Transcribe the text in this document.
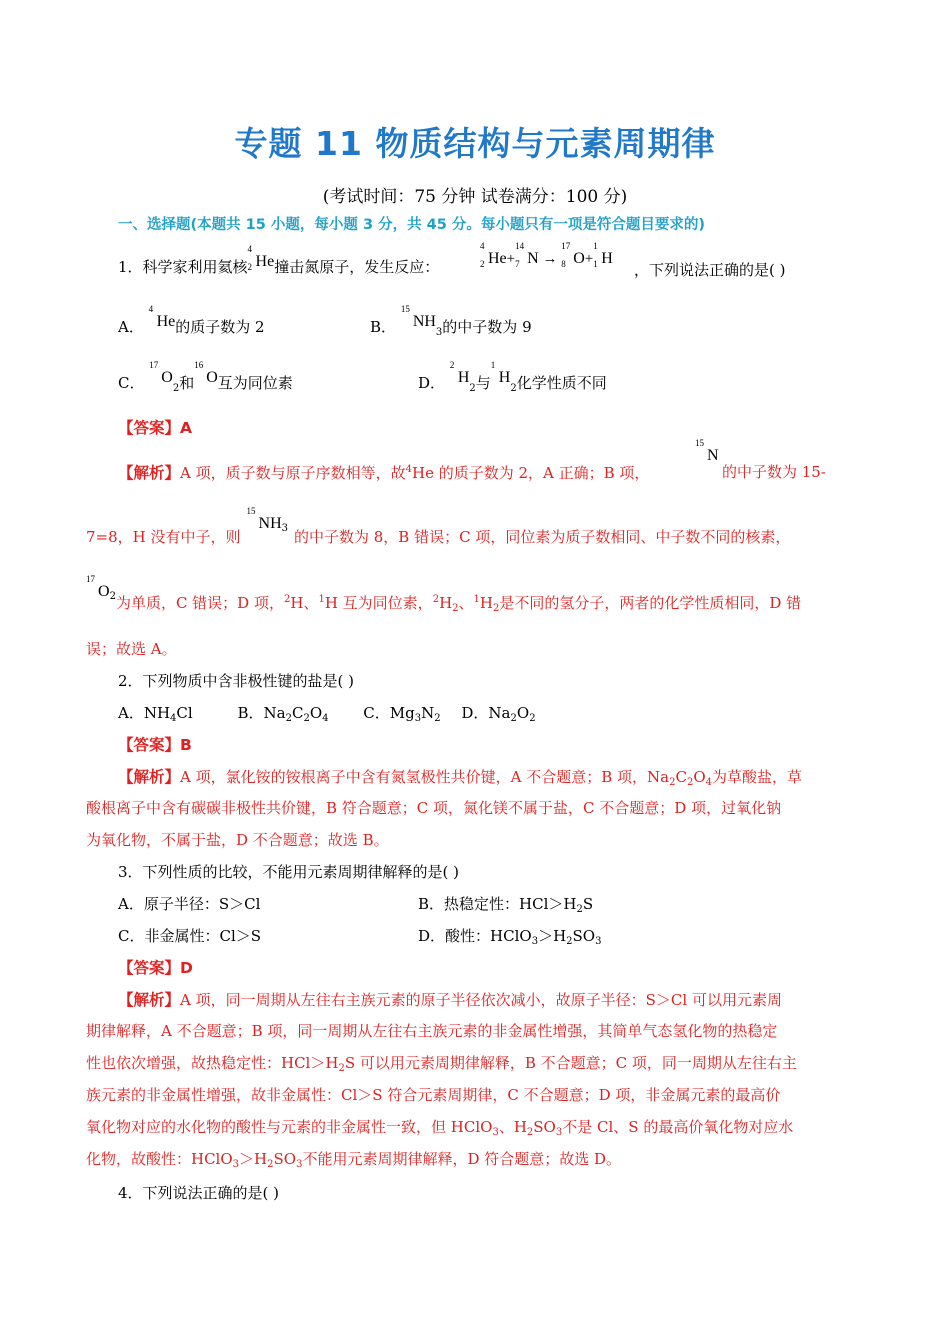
专题 11 物质结构与元素周期律
(考试时间：75 分钟 试卷满分：100 分)
一、选择题(本题共 15 小题，每小题 3 分，共 45 分。每小题只有一项是符合题目要求的)
1．科学家利用氦核
4
2 He撞击氮原子，发生反应：
4
2 He+
14
7 N →
17
8 O+
1
1 H
，下列说法正确的是( )
A．
4
He的质子数为 2	B．
15
$NH_3$的中子数为 9
C．
17
$O_2$和
16
O互为同位素	D．
2
$H_2$与
1
$H_2$化学性质不同
【答案】A
【解析】A 项，质子数与原子序数相等，故$^4$He 的质子数为 2，A 正确；B 项，
15
N
的中子数为 15-
7=8，H 没有中子，则
15
$NH_3$ 的中子数为 8，B 错误；C 项，同位素为质子数相同、中子数不同的核素，
17
$O_2$为单质，C 错误；D 项，$^2$H、$^1$H 互为同位素，$^2H_2$、$^1H_2$是不同的氢分子，两者的化学性质相同，D 错
误；故选 A。
2．下列物质中含非极性键的盐是( )
A．$NH_4Cl$	B．$Na_2C_2O_4$ C．$Mg_3N_2$ D．$Na_2O_2$
【答案】B
【解析】A 项，氯化铵的铵根离子中含有氮氢极性共价键，A 不合题意；B 项，$Na_2C_2O_4$为草酸盐，草
酸根离子中含有碳碳非极性共价键，B 符合题意；C 项，氮化镁不属于盐，C 不合题意；D 项，过氧化钠
为氧化物，不属于盐，D 不合题意；故选 B。
3．下列性质的比较，不能用元素周期律解释的是( )
A．原子半径：S＞Cl	B．热稳定性：$HCl>H_2S$
C．非金属性：Cl＞S	D．酸性：$HClO_3>H_2SO_3$
【答案】D
【解析】A 项，同一周期从左往右主族元素的原子半径依次减小，故原子半径：S＞Cl 可以用元素周
期律解释，A 不合题意；B 项，同一周期从左往右主族元素的非金属性增强，其简单气态氢化物的热稳定
性也依次增强，故热稳定性：$HCl>H_2S$ 可以用元素周期律解释，B 不合题意；C 项，同一周期从左往右主
族元素的非金属性增强，故非金属性：Cl＞S 符合元素周期律，C 不合题意；D 项，非金属元素的最高价
氧化物对应的水化物的酸性与元素的非金属性一致，但 HClO$_3$、$H_2SO_3$不是 Cl、S 的最高价氧化物对应水
化物，故酸性：$HClO_3>H_2SO_3$不能用元素周期律解释，D 符合题意；故选 D。
4．下列说法正确的是( )
